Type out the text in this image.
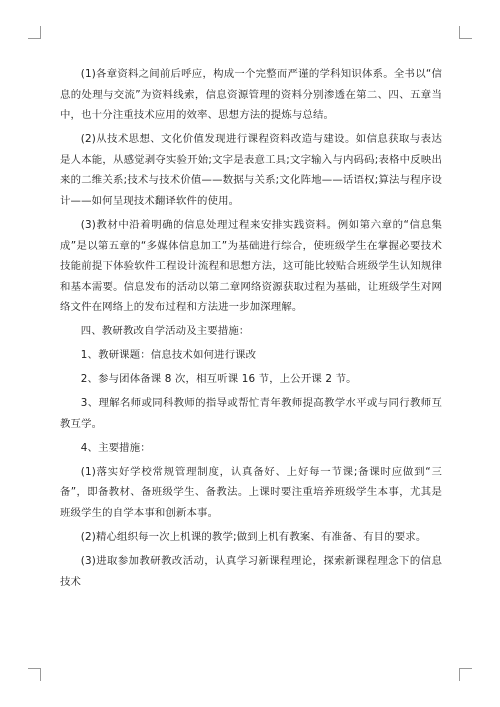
(1)各章资料之间前后呼应，构成一个完整而严谨的学科知识体系。全书以“信息的处理与交流”为资料线索，信息资源管理的资料分别渗透在第二、四、五章当中，也十分注重技术应用的效率、思想方法的提炼与总结。

(2)从技术思想、文化价值发现进行课程资料改造与建设。如信息获取与表达是人本能，从感觉剥夺实验开始;文字是表意工具;文字输入与内码码;表格中反映出来的二维关系;技术与技术价值——数据与关系;文化阵地——话语权;算法与程序设计——如何呈现技术翻译软件的使用。

(3)教材中沿着明确的信息处理过程来安排实践资料。例如第六章的“信息集成”是以第五章的“多媒体信息加工”为基础进行综合，使班级学生在掌握必要技术技能前提下体验软件工程设计流程和思想方法，这可能比较贴合班级学生认知规律和基本需要。信息发布的活动以第二章网络资源获取过程为基础，让班级学生对网络文件在网络上的发布过程和方法进一步加深理解。

四、教研教改自学活动及主要措施：

1、教研课题：信息技术如何进行课改

2、参与团体备课 8 次，相互听课 16 节，上公开课 2 节。

3、理解名师或同科教师的指导或帮忙青年教师提高教学水平或与同行教师互教互学。

4、主要措施：

(1)落实好学校常规管理制度，认真备好、上好每一节课;备课时应做到“三备”，即备教材、备班级学生、备教法。上课时要注重培养班级学生本事，尤其是班级学生的自学本事和创新本事。

(2)精心组织每一次上机课的教学;做到上机有教案、有准备、有目的要求。

(3)进取参加教研教改活动，认真学习新课程理论，探索新课程理念下的信息技术
